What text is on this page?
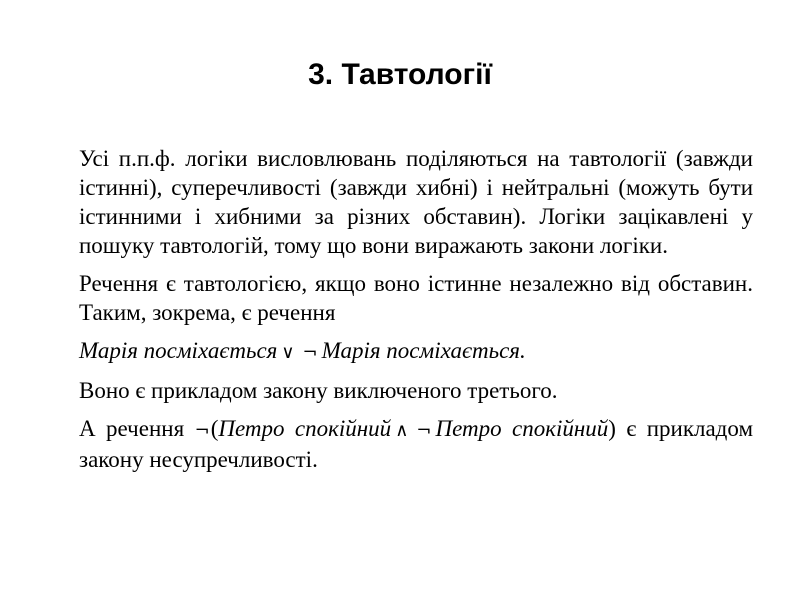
3. Тавтології

Усі п.п.ф. логіки висловлювань поділяються на тавтології (завжди істинні), суперечливості (завжди хибні) і нейтральні (можуть бути істинними і хибними за різних обставин). Логіки зацікавлені у пошуку тавтологій, тому що вони виражають закони логіки.

Речення є тавтологією, якщо воно істинне незалежно від обставин. Таким, зокрема, є речення

Марія посміхається ∨ ¬ Марія посміхається.

Воно є прикладом закону виключеного третього.

А речення ¬(Петро спокійний ∧ ¬ Петро спокійний) є прикладом закону несупречливості.
